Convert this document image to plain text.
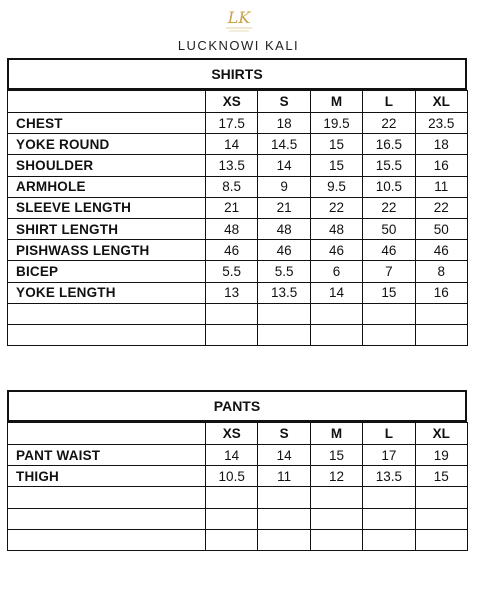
LK
LUCKNOWI KALI
SHIRTS
	XS	S	M	L	XL
CHEST	17.5	18	19.5	22	23.5
YOKE ROUND	14	14.5	15	16.5	18
SHOULDER	13.5	14	15	15.5	16
ARMHOLE	8.5	9	9.5	10.5	11
SLEEVE LENGTH	21	21	22	22	22
SHIRT LENGTH	48	48	48	50	50
PISHWASS LENGTH	46	46	46	46	46
BICEP	5.5	5.5	6	7	8
YOKE LENGTH	13	13.5	14	15	16

PANTS
	XS	S	M	L	XL
PANT WAIST	14	14	15	17	19
THIGH	10.5	11	12	13.5	15
